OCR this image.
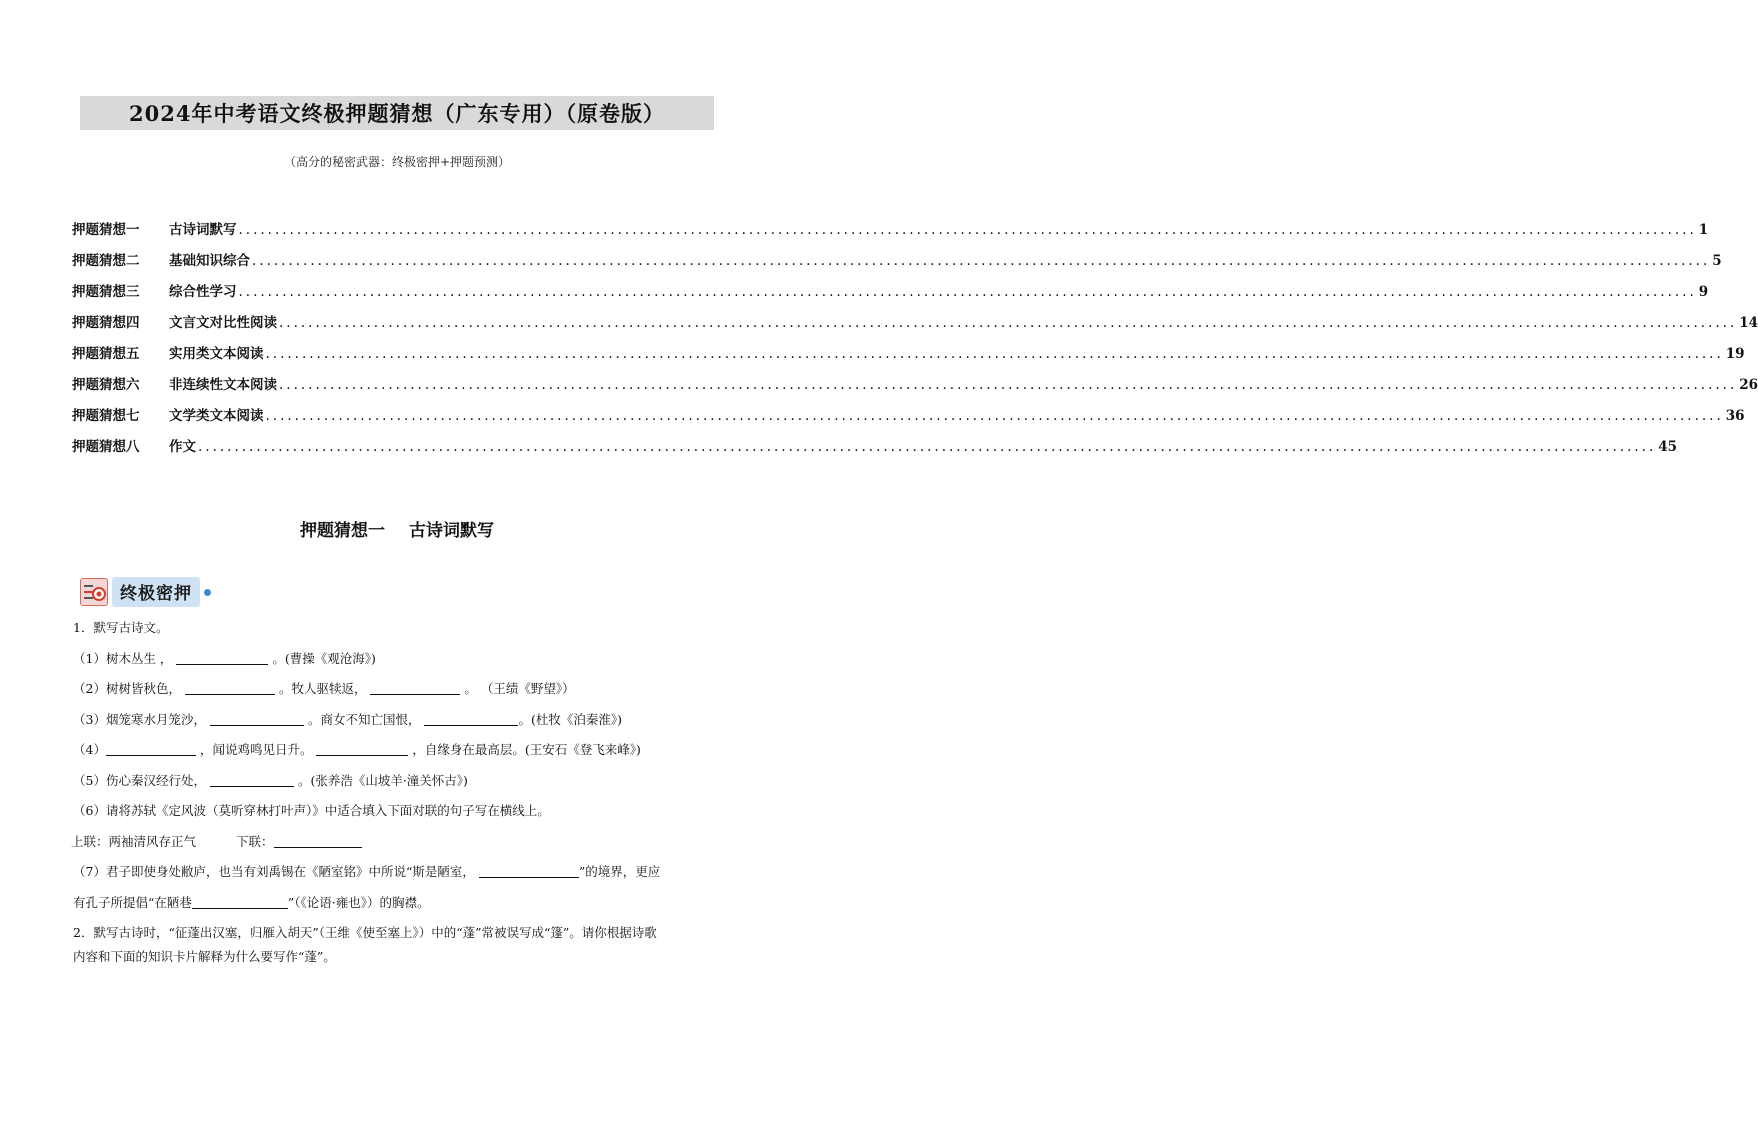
2024年中考语文终极押题猜想（广东专用）（原卷版）
（高分的秘密武器：终极密押+押题预测）
押题猜想一	古诗词默写 ........................................................................................................................................................................................................ 1
押题猜想二	基础知识综合 ........................................................................................................................................................................................................ 5
押题猜想三	综合性学习 ........................................................................................................................................................................................................ 9
押题猜想四	文言文对比性阅读 ........................................................................................................................................................................................................ 14
押题猜想五	实用类文本阅读 ........................................................................................................................................................................................................ 19
押题猜想六	非连续性文本阅读 ........................................................................................................................................................................................................ 26
押题猜想七	文学类文本阅读 ........................................................................................................................................................................................................ 36
押题猜想八	作文 ........................................................................................................................................................................................................ 45
押题猜想一 古诗词默写
终极密押

1．默写古诗文。

（1）树木丛生 ，	。(曹操《观沧海》)

（2）树树皆秋色，	。牧人驱犊返，	。 （王绩《野望》）

（3）烟笼寒水月笼沙，	。商女不知亡国恨，	。(杜牧《泊秦淮》)

（4）	，闻说鸡鸣见日升。	，自缘身在最高层。(王安石《登飞来峰》)

（5）伤心秦汉经行处，	。(张养浩《山坡羊·潼关怀古》)

（6）请将苏轼《定风波（莫听穿林打叶声）》中适合填入下面对联的句子写在横线上。

上联：两袖清风存正气	下联：

（7）君子即使身处敝庐，也当有刘禹锡在《陋室铭》中所说“斯是陋室，	”的境界，更应

有孔子所提倡“在陋巷	”（《论语·雍也》）的胸襟。

2．默写古诗时，“征蓬出汉塞，归雁入胡天”（王维《使至塞上》）中的“蓬”常被误写成“篷”。请你根据诗歌

内容和下面的知识卡片解释为什么要写作“蓬”。
